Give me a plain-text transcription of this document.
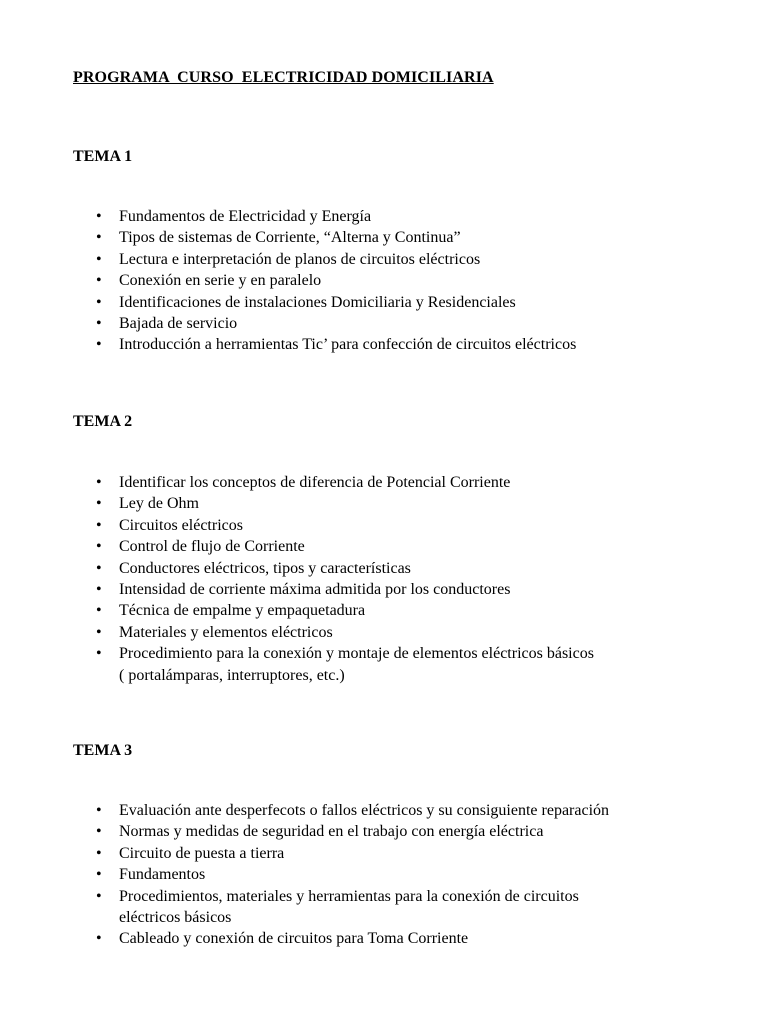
PROGRAMA  CURSO  ELECTRICIDAD DOMICILIARIA
TEMA 1
• Fundamentos de Electricidad y Energía
• Tipos de sistemas de Corriente, “Alterna y Continua”
• Lectura e interpretación de planos de circuitos eléctricos
• Conexión en serie y en paralelo
• Identificaciones de instalaciones Domiciliaria y Residenciales
• Bajada de servicio
• Introducción a herramientas Tic’ para confección de circuitos eléctricos
TEMA 2
• Identificar los conceptos de diferencia de Potencial Corriente
• Ley de Ohm
• Circuitos eléctricos
• Control de flujo de Corriente
• Conductores eléctricos, tipos y características
• Intensidad de corriente máxima admitida por los conductores
• Técnica de empalme y empaquetadura
• Materiales y elementos eléctricos
• Procedimiento para la conexión y montaje de elementos eléctricos básicos
( portalámparas, interruptores, etc.)
TEMA 3
• Evaluación ante desperfecots o fallos eléctricos y su consiguiente reparación
• Normas y medidas de seguridad en el trabajo con energía eléctrica
• Circuito de puesta a tierra
• Fundamentos
• Procedimientos, materiales y herramientas para la conexión de circuitos
eléctricos básicos
• Cableado y conexión de circuitos para Toma Corriente
